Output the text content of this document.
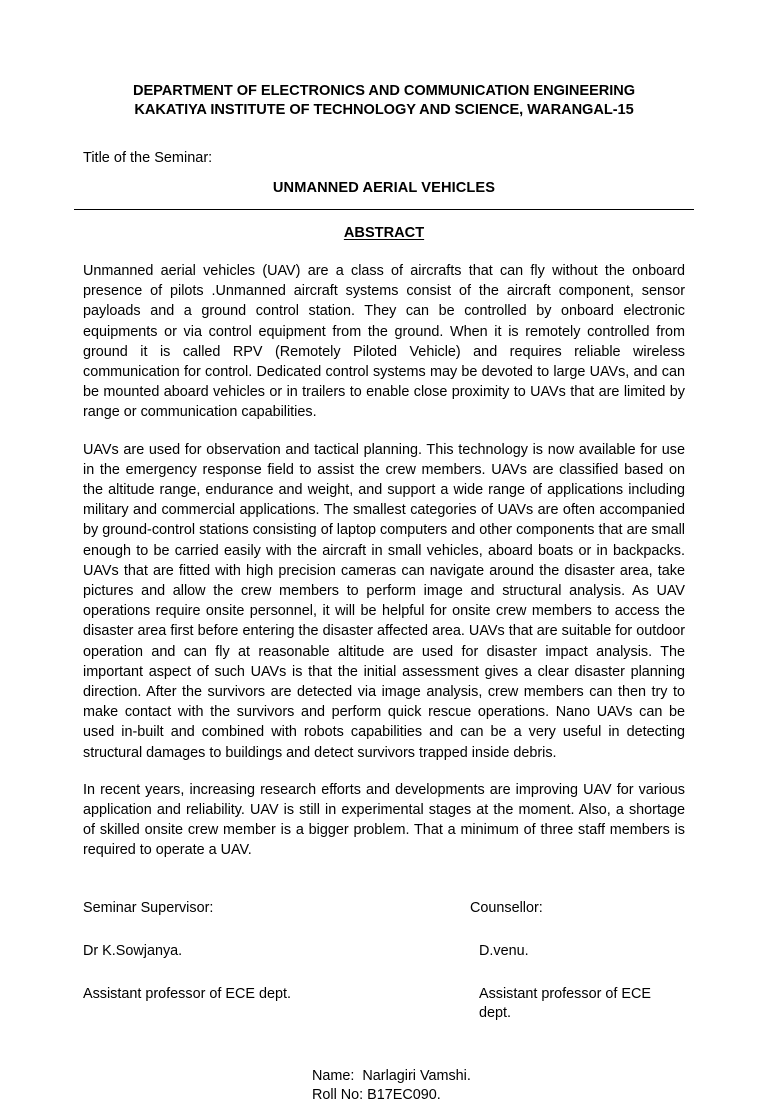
DEPARTMENT OF ELECTRONICS AND COMMUNICATION ENGINEERING
KAKATIYA INSTITUTE OF TECHNOLOGY AND SCIENCE, WARANGAL-15
Title of the Seminar:
UNMANNED AERIAL VEHICLES
ABSTRACT

Unmanned aerial vehicles (UAV) are a class of aircrafts that can fly without the onboard presence of pilots .Unmanned aircraft systems consist of the aircraft component, sensor payloads and a ground control station. They can be controlled by onboard electronic equipments or via control equipment from the ground. When it is remotely controlled from ground it is called RPV (Remotely Piloted Vehicle) and requires reliable wireless communication for control. Dedicated control systems may be devoted to large UAVs, and can be mounted aboard vehicles or in trailers to enable close proximity to UAVs that are limited by range or communication capabilities.

UAVs are used for observation and tactical planning. This technology is now available for use in the emergency response field to assist the crew members. UAVs are classified based on the altitude range, endurance and weight, and support a wide range of applications including military and commercial applications. The smallest categories of UAVs are often accompanied by ground-control stations consisting of laptop computers and other components that are small enough to be carried easily with the aircraft in small vehicles, aboard boats or in backpacks. UAVs that are fitted with high precision cameras can navigate around the disaster area, take pictures and allow the crew members to perform image and structural analysis. As UAV operations require onsite personnel, it will be helpful for onsite crew members to access the disaster area first before entering the disaster affected area. UAVs that are suitable for outdoor operation and can fly at reasonable altitude are used for disaster impact analysis. The important aspect of such UAVs is that the initial assessment gives a clear disaster planning direction. After the survivors are detected via image analysis, crew members can then try to make contact with the survivors and perform quick rescue operations. Nano UAVs can be used in-built and combined with robots capabilities and can be a very useful in detecting structural damages to buildings and detect survivors trapped inside debris.

In recent years, increasing research efforts and developments are improving UAV for various application and reliability. UAV is still in experimental stages at the moment. Also, a shortage of skilled onsite crew member is a bigger problem. That a minimum of three staff members is required to operate a UAV.

Seminar Supervisor:
Dr K.Sowjanya.
Assistant professor of ECE dept.
Counsellor:
D.venu.
Assistant professor of ECE dept.
Name:  Narlagiri Vamshi.
Roll No: B17EC090.
